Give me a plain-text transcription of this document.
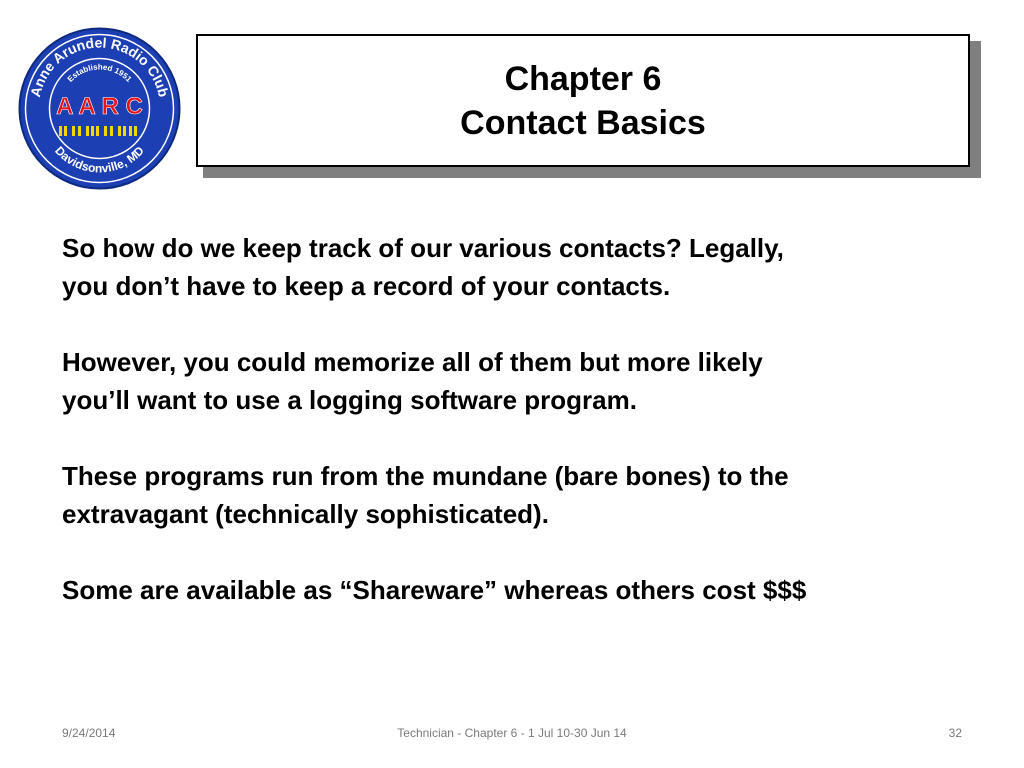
Anne Arundel Radio Club
Established 1951
A A R C
Davidsonville, MD
Chapter 6
Contact Basics

So how do we keep track of our various contacts? Legally,
you don’t have to keep a record of your contacts.

However, you could memorize all of them but more likely
you’ll want to use a logging software program.

These programs run from the mundane (bare bones) to the
extravagant (technically sophisticated).

Some are available as “Shareware” whereas others cost $$$

9/24/2014	Technician - Chapter 6 - 1 Jul 10-30 Jun 14	32
